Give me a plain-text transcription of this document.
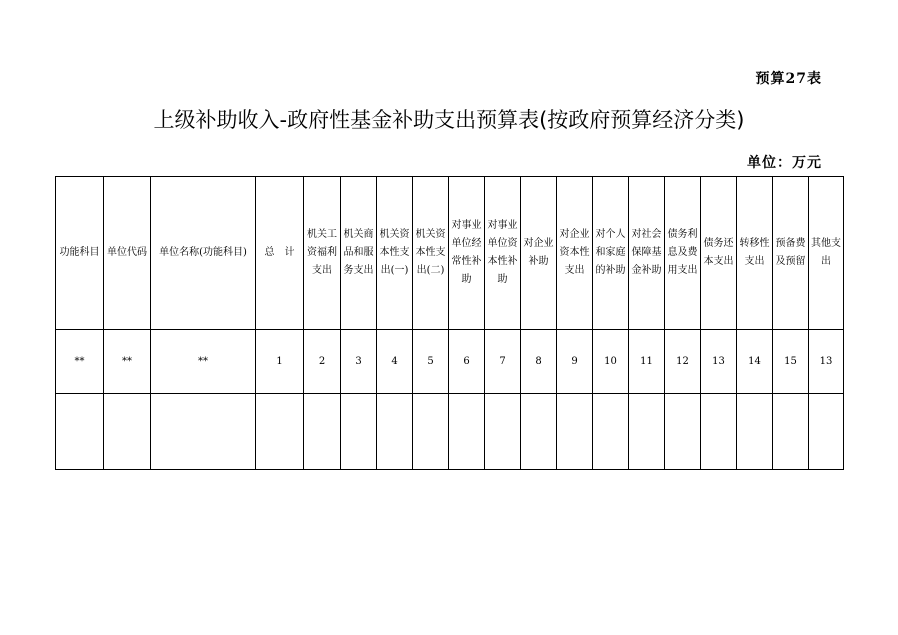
预算27表
上级补助收入-政府性基金补助支出预算表(按政府预算经济分类)
单位：万元
功能科目	单位代码	单位名称(功能科目)	总　计	机关工资福利支出	机关商品和服务支出	机关资本性支出(一)	机关资本性支出(二)	对事业单位经常性补助	对事业单位资本性补助	对企业补助	对企业资本性支出	对个人和家庭的补助	对社会保障基金补助	债务利息及费用支出	债务还本支出	转移性支出	预备费及预留	其他支出
**	**	**	1	2	3	4	5	6	7	8	9	10	11	12	13	14	15	13
